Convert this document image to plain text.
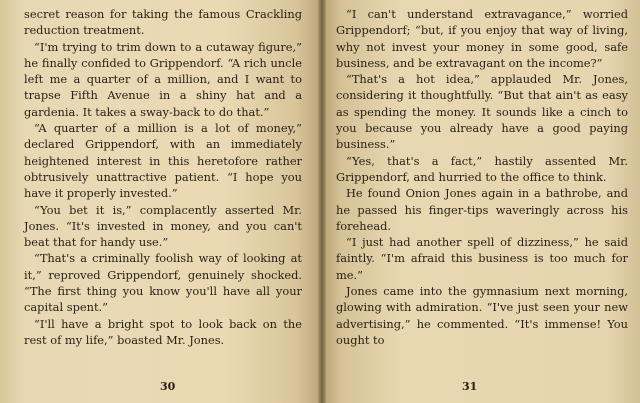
secret reason for taking the famous Crackling reduction treatment.

“I'm trying to trim down to a cutaway figure,” he finally confided to Grippendorf. “A rich uncle left me a quarter of a million, and I want to trapse Fifth Avenue in a shiny hat and a gardenia. It takes a sway-back to do that.”

“A quarter of a million is a lot of money,” declared Grippendorf, with an immediately heightened interest in this heretofore rather obtrusively unattractive patient. “I hope you have it properly invested.”

“You bet it is,” complacently asserted Mr. Jones. “It's invested in money, and you can't beat that for handy use.”

“That's a criminally foolish way of looking at it,” reproved Grippendorf, genuinely shocked. “The first thing you know you'll have all your capital spent.”

“I'll have a bright spot to look back on the rest of my life,” boasted Mr. Jones.

30

“I can't understand extravagance,” worried Grippendorf; “but, if you enjoy that way of living, why not invest your money in some good, safe business, and be extravagant on the income?”

“That's a hot idea,” applauded Mr. Jones, considering it thoughtfully. “But that ain't as easy as spending the money. It sounds like a cinch to you because you already have a good paying business.”

“Yes, that's a fact,” hastily assented Mr. Grippendorf, and hurried to the office to think.

He found Onion Jones again in a bathrobe, and he passed his finger-tips waveringly across his forehead.

“I just had another spell of dizziness,” he said faintly. “I'm afraid this business is too much for me.”

Jones came into the gymnasium next morning, glowing with admiration. “I've just seen your new advertising,” he commented. “It's immense! You ought to

31
